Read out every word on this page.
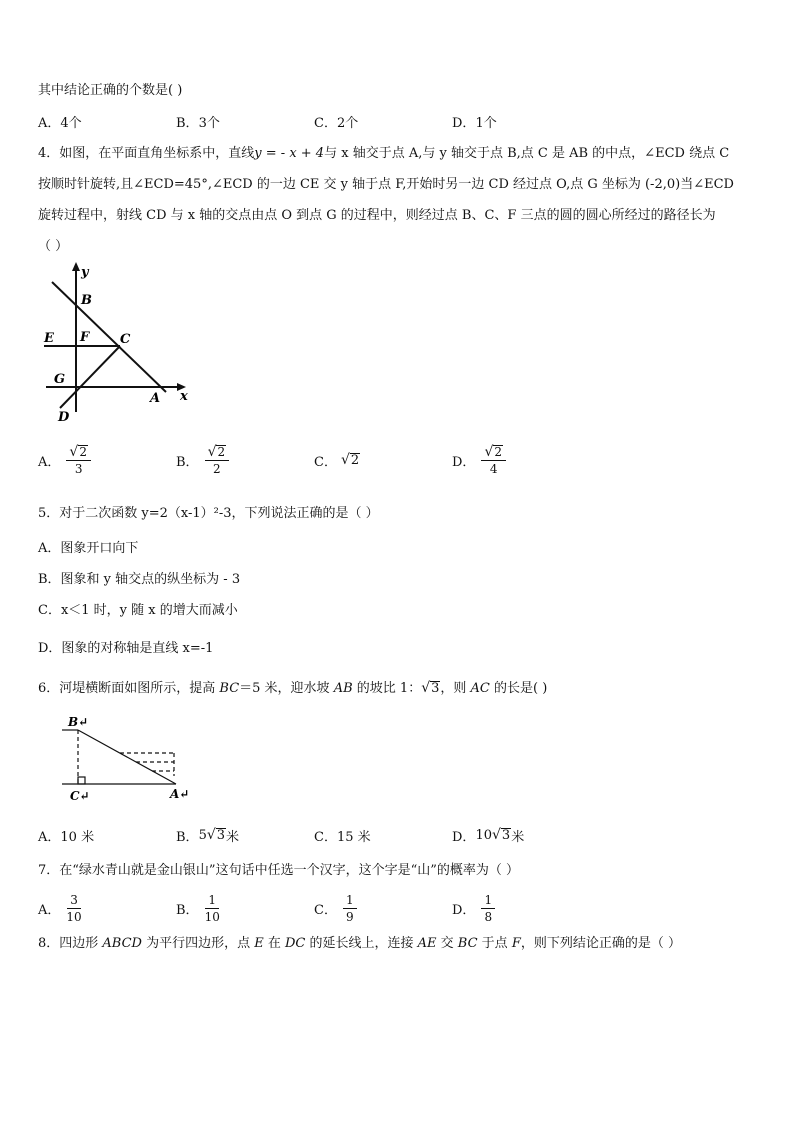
其中结论正确的个数是( )
A． 4个	B． 3个	C． 2个	D． 1个
4．如图，在平面直角坐标系中，直线y = - x + 4与 x 轴交于点 A,与 y 轴交于点 B,点 C 是 AB 的中点，∠ECD 绕点 C
按顺时针旋转,且∠ECD=45°,∠ECD 的一边 CE 交 y 轴于点 F,开始时另一边 CD 经过点 O,点 G 坐标为 (-2,0)当∠ECD
旋转过程中，射线 CD 与 x 轴的交点由点 O 到点 G 的过程中，则经过点 B、C、F 三点的圆的圆心所经过的路径长为
（ ）
y
B
E F C
G
A x
D
A． $\frac{√ 2}{3}$	B． $\frac{√ 2}{2}$	C． √ 2	D． $\frac{√ 2}{4}$
5．对于二次函数 y=2（x-1）²-3，下列说法正确的是（ ）
A．图象开口向下
B．图象和 y 轴交点的纵坐标为 - 3
C．x＜1 时，y 随 x 的增大而减小
D．图象的对称轴是直线 x=-1
6．河堤横断面如图所示，提高 BC＝5 米，迎水坡 AB 的坡比 1： √ 3 ，则 AC 的长是( )
B↵
C↵	A↵
A． 10 米	B． 5 √ 3 米	C． 15 米	D． 10 √ 3 米
7．在“绿水青山就是金山银山”这句话中任选一个汉字，这个字是“山”的概率为（ ）
A． $\frac{3}{10}$	B． $\frac{1}{10}$	C． $\frac{1}{9}$	D． $\frac{1}{8}$
8．四边形 ABCD 为平行四边形，点 E 在 DC 的延长线上，连接 AE 交 BC 于点 F，则下列结论正确的是（ ）
